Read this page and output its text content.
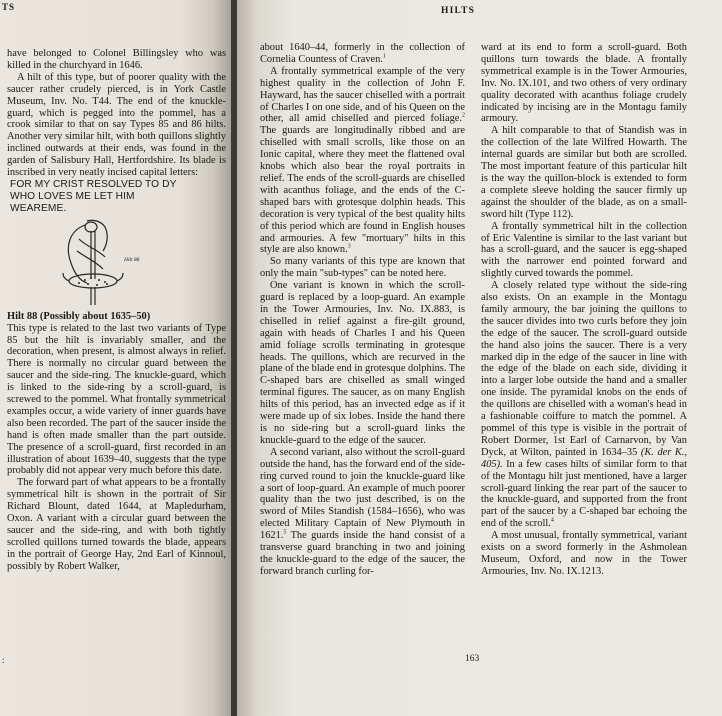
TS

have belonged to Colonel Billingsley who was killed in the churchyard in 1646.

A hilt of this type, but of poorer quality with the saucer rather crudely pierced, is in York Castle Museum, Inv. No. T44. The end of the knuckle-guard, which is pegged into the pommel, has a crook similar to that on say Types 85 and 86 hilts. Another very similar hilt, with both quillons slightly inclined outwards at their ends, was found in the garden of Salisbury Hall, Hertfordshire. Its blade is inscribed in very neatly incised capital letters:

FOR MY CRIST RESOLVED TO DY

WHO LOVES ME LET HIM

WEAREME.

Hilt 88

Hilt 88 (Possibly about 1635–50)

This type is related to the last two variants of Type 85 but the hilt is invariably smaller, and the decoration, when present, is almost always in relief. There is normally no circular guard between the saucer and the side-ring. The knuckle-guard, which is linked to the side-ring by a scroll-guard, is screwed to the pommel. What frontally symmetrical examples occur, a wide variety of inner guards have also been recorded. The part of the saucer inside the hand is often made smaller than the part outside. The presence of a scroll-guard, first recorded in an illustration of about 1639–40, suggests that the type probably did not appear very much before this date.

The forward part of what appears to be a frontally symmetrical hilt is shown in the portrait of Sir Richard Blount, dated 1644, at Mapledurham, Oxon. A variant with a circular guard between the saucer and the side-ring, and with both tightly scrolled quillons turned towards the blade, appears in the portrait of George Hay, 2nd Earl of Kinnoul, possibly by Robert Walker,

:
HILTS

about 1640–44, formerly in the collection of Cornelia Countess of Craven.$^1$

A frontally symmetrical example of the very highest quality in the collection of John F. Hayward, has the saucer chiselled with a portrait of Charles I on one side, and of his Queen on the other, all amid chiselled and pierced foliage.$^2$ The guards are longitudinally ribbed and are chiselled with small scrolls, like those on an Ionic capital, where they meet the flattened oval knobs which also bear the royal portraits in relief. The ends of the scroll-guards are chiselled with acanthus foliage, and the ends of the C-shaped bars with grotesque dolphin heads. This decoration is very typical of the best quality hilts of this period which are found in English houses and armouries. A few "mortuary" hilts in this style are also known.$^3$

So many variants of this type are known that only the main "sub-types" can be noted here.

One variant is known in which the scroll-guard is replaced by a loop-guard. An example in the Tower Armouries, Inv. No. IX.883, is chiselled in relief against a fire-gilt ground, again with heads of Charles I and his Queen amid foliage scrolls terminating in grotesque heads. The quillons, which are recurved in the plane of the blade end in grotesque dolphins. The C-shaped bars are chiselled as small winged terminal figures. The saucer, as on many English hilts of this period, has an invected edge as if it were made up of six lobes. Inside the hand there is no side-ring but a scroll-guard links the knuckle-guard to the edge of the saucer.

A second variant, also without the scroll-guard outside the hand, has the forward end of the side-ring curved round to join the knuckle-guard like a sort of loop-guard. An example of much poorer quality than the two just described, is on the sword of Miles Standish (1584–1656), who was elected Military Captain of New Plymouth in 1621.$^5$ The guards inside the hand consist of a transverse guard branching in two and joining the knuckle-guard to the edge of the saucer, the forward branch curling for-

ward at its end to form a scroll-guard. Both quillons turn towards the blade. A frontally symmetrical example is in the Tower Armouries, Inv. No. IX.101, and two others of very ordinary quality decorated with acanthus foliage crudely indicated by incising are in the Montagu family armoury.

A hilt comparable to that of Standish was in the collection of the late Wilfred Howarth. The internal guards are similar but both are scrolled. The most important feature of this particular hilt is the way the quillon-block is extended to form a complete sleeve holding the saucer firmly up against the shoulder of the blade, as on a small-sword hilt (Type 112).

A frontally symmetrical hilt in the collection of Eric Valentine is similar to the last variant but has a scroll-guard, and the saucer is egg-shaped with the narrower end pointed forward and slightly curved towards the pommel.

A closely related type without the side-ring also exists. On an example in the Montagu family armoury, the bar joining the quillons to the saucer divides into two curls before they join the edge of the saucer. The scroll-guard outside the hand also joins the saucer. There is a very marked dip in the edge of the saucer in line with the edge of the blade on each side, dividing it into a larger lobe outside the hand and a smaller one inside. The pyramidal knobs on the ends of the quillons are chiselled with a woman's head in a fashionable coiffure to match the pommel. A pommel of this type is visible in the portrait of Robert Dormer, 1st Earl of Carnarvon, by Van Dyck, at Wilton, painted in 1634–35 (K. der K., 405). In a few cases hilts of similar form to that of the Montagu hilt just mentioned, have a larger scroll-guard linking the rear part of the saucer to the knuckle-guard, and supported from the front part of the saucer by a C-shaped bar echoing the end of the scroll.$^4$

A most unusual, frontally symmetrical, variant exists on a sword formerly in the Ashmolean Museum, Oxford, and now in the Tower Armouries, Inv. No. IX.1213.

163
